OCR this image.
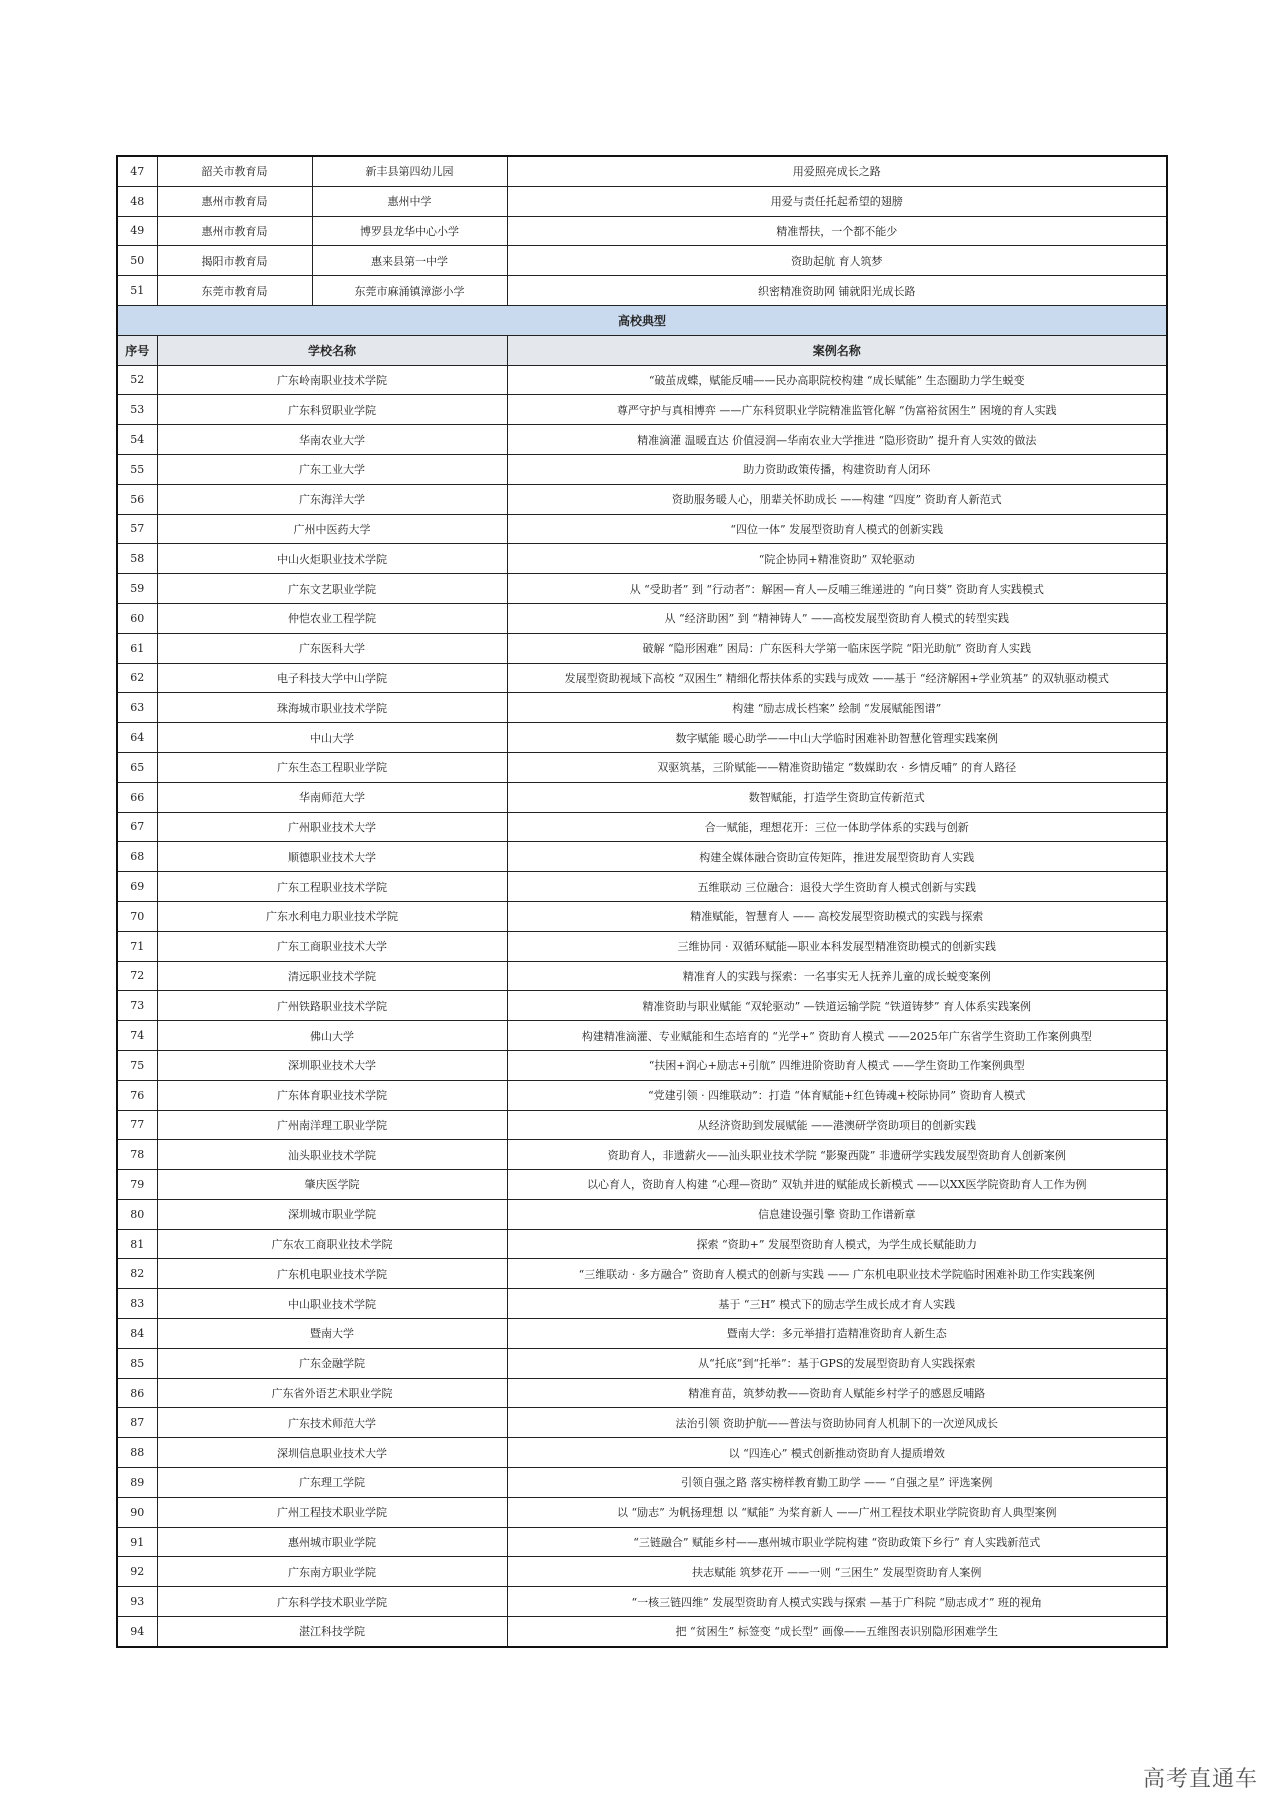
47	韶关市教育局	新丰县第四幼儿园	用爱照亮成长之路
48	惠州市教育局	惠州中学	用爱与责任托起希望的翅膀
49	惠州市教育局	博罗县龙华中心小学	精准帮扶，一个都不能少
50	揭阳市教育局	惠来县第一中学	资助起航 育人筑梦
51	东莞市教育局	东莞市麻涌镇漳澎小学	织密精准资助网 铺就阳光成长路
高校典型			
序号	学校名称		案例名称
52	广东岭南职业技术学院		“破茧成蝶，赋能反哺——民办高职院校构建 “成长赋能” 生态圈助力学生蜕变
53	广东科贸职业学院		尊严守护与真相博弈 ——广东科贸职业学院精准监管化解 “伪富裕贫困生” 困境的育人实践
54	华南农业大学		精准滴灌 温暖直达 价值浸润—华南农业大学推进 “隐形资助” 提升育人实效的做法
55	广东工业大学		助力资助政策传播，构建资助育人闭环
56	广东海洋大学		资助服务暖人心，朋辈关怀助成长 ——构建 “四度” 资助育人新范式
57	广州中医药大学		“四位一体” 发展型资助育人模式的创新实践
58	中山火炬职业技术学院		“院企协同+精准资助” 双轮驱动
59	广东文艺职业学院		从 “受助者” 到 “行动者”：解困—育人—反哺三维递进的 “向日葵” 资助育人实践模式
60	仲恺农业工程学院		从 “经济助困” 到 “精神铸人” ——高校发展型资助育人模式的转型实践
61	广东医科大学		破解 “隐形困难” 困局：广东医科大学第一临床医学院 “阳光助航” 资助育人实践
62	电子科技大学中山学院		发展型资助视域下高校 “双困生” 精细化帮扶体系的实践与成效 ——基于 “经济解困+学业筑基” 的双轨驱动模式
63	珠海城市职业技术学院		构建 “励志成长档案” 绘制 “发展赋能图谱”
64	中山大学		数字赋能 暖心助学——中山大学临时困难补助智慧化管理实践案例
65	广东生态工程职业学院		双驱筑基，三阶赋能——精准资助锚定 “数媒助农 · 乡情反哺” 的育人路径
66	华南师范大学		数智赋能，打造学生资助宣传新范式
67	广州职业技术大学		合一赋能，理想花开：三位一体助学体系的实践与创新
68	顺德职业技术大学		构建全媒体融合资助宣传矩阵，推进发展型资助育人实践
69	广东工程职业技术学院		五维联动 三位融合：退役大学生资助育人模式创新与实践
70	广东水利电力职业技术学院		精准赋能，智慧育人 —— 高校发展型资助模式的实践与探索
71	广东工商职业技术大学		三维协同 · 双循环赋能—职业本科发展型精准资助模式的创新实践
72	清远职业技术学院		精准育人的实践与探索：一名事实无人抚养儿童的成长蜕变案例
73	广州铁路职业技术学院		精准资助与职业赋能 “双轮驱动” —铁道运输学院 “铁道铸梦” 育人体系实践案例
74	佛山大学		构建精准滴灌、专业赋能和生态培育的 “光学+” 资助育人模式 ——2025年广东省学生资助工作案例典型
75	深圳职业技术大学		“扶困+润心+励志+引航” 四维进阶资助育人模式 ——学生资助工作案例典型
76	广东体育职业技术学院		“党建引领 · 四维联动”：打造 “体育赋能+红色铸魂+校际协同” 资助育人模式
77	广州南洋理工职业学院		从经济资助到发展赋能 ——港澳研学资助项目的创新实践
78	汕头职业技术学院		资助育人，非遗薪火——汕头职业技术学院 “影聚西陇” 非遗研学实践发展型资助育人创新案例
79	肇庆医学院		以心育人，资助育人构建 “心理—资助” 双轨并进的赋能成长新模式 ——以XX医学院资助育人工作为例
80	深圳城市职业学院		信息建设强引擎 资助工作谱新章
81	广东农工商职业技术学院		探索 “资助+” 发展型资助育人模式，为学生成长赋能助力
82	广东机电职业技术学院		“三维联动 · 多方融合” 资助育人模式的创新与实践 —— 广东机电职业技术学院临时困难补助工作实践案例
83	中山职业技术学院		基于 “三H” 模式下的励志学生成长成才育人实践
84	暨南大学		暨南大学：多元举措打造精准资助育人新生态
85	广东金融学院		从“托底”到“托举”：基于GPS的发展型资助育人实践探索
86	广东省外语艺术职业学院		精准育苗，筑梦幼教——资助育人赋能乡村学子的感恩反哺路
87	广东技术师范大学		法治引领 资助护航——普法与资助协同育人机制下的一次逆风成长
88	深圳信息职业技术大学		以 “四连心” 模式创新推动资助育人提质增效
89	广东理工学院		引领自强之路 落实榜样教育勤工助学 —— “自强之星” 评选案例
90	广州工程技术职业学院		以 “励志” 为帆扬理想 以 “赋能” 为桨育新人 ——广州工程技术职业学院资助育人典型案例
91	惠州城市职业学院		“三链融合” 赋能乡村——惠州城市职业学院构建 “资助政策下乡行” 育人实践新范式
92	广东南方职业学院		扶志赋能 筑梦花开 ——一则 “三困生” 发展型资助育人案例
93	广东科学技术职业学院		“一核三链四维” 发展型资助育人模式实践与探索 —基于广科院 “励志成才” 班的视角
94	湛江科技学院		把 “贫困生” 标签变 “成长型” 画像——五维图表识别隐形困难学生
高考直通车
